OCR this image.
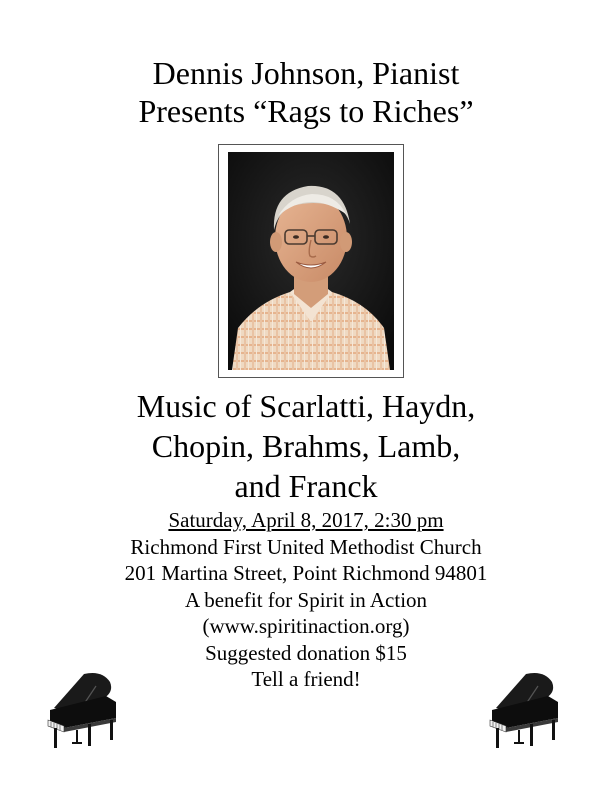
Dennis Johnson, Pianist
Presents “Rags to Riches”
Music of Scarlatti, Haydn,
Chopin, Brahms, Lamb,
and Franck
Saturday, April 8, 2017, 2:30 pm
Richmond First United Methodist Church
201 Martina Street, Point Richmond 94801
A benefit for Spirit in Action
(www.spiritinaction.org)
Suggested donation $15
Tell a friend!
